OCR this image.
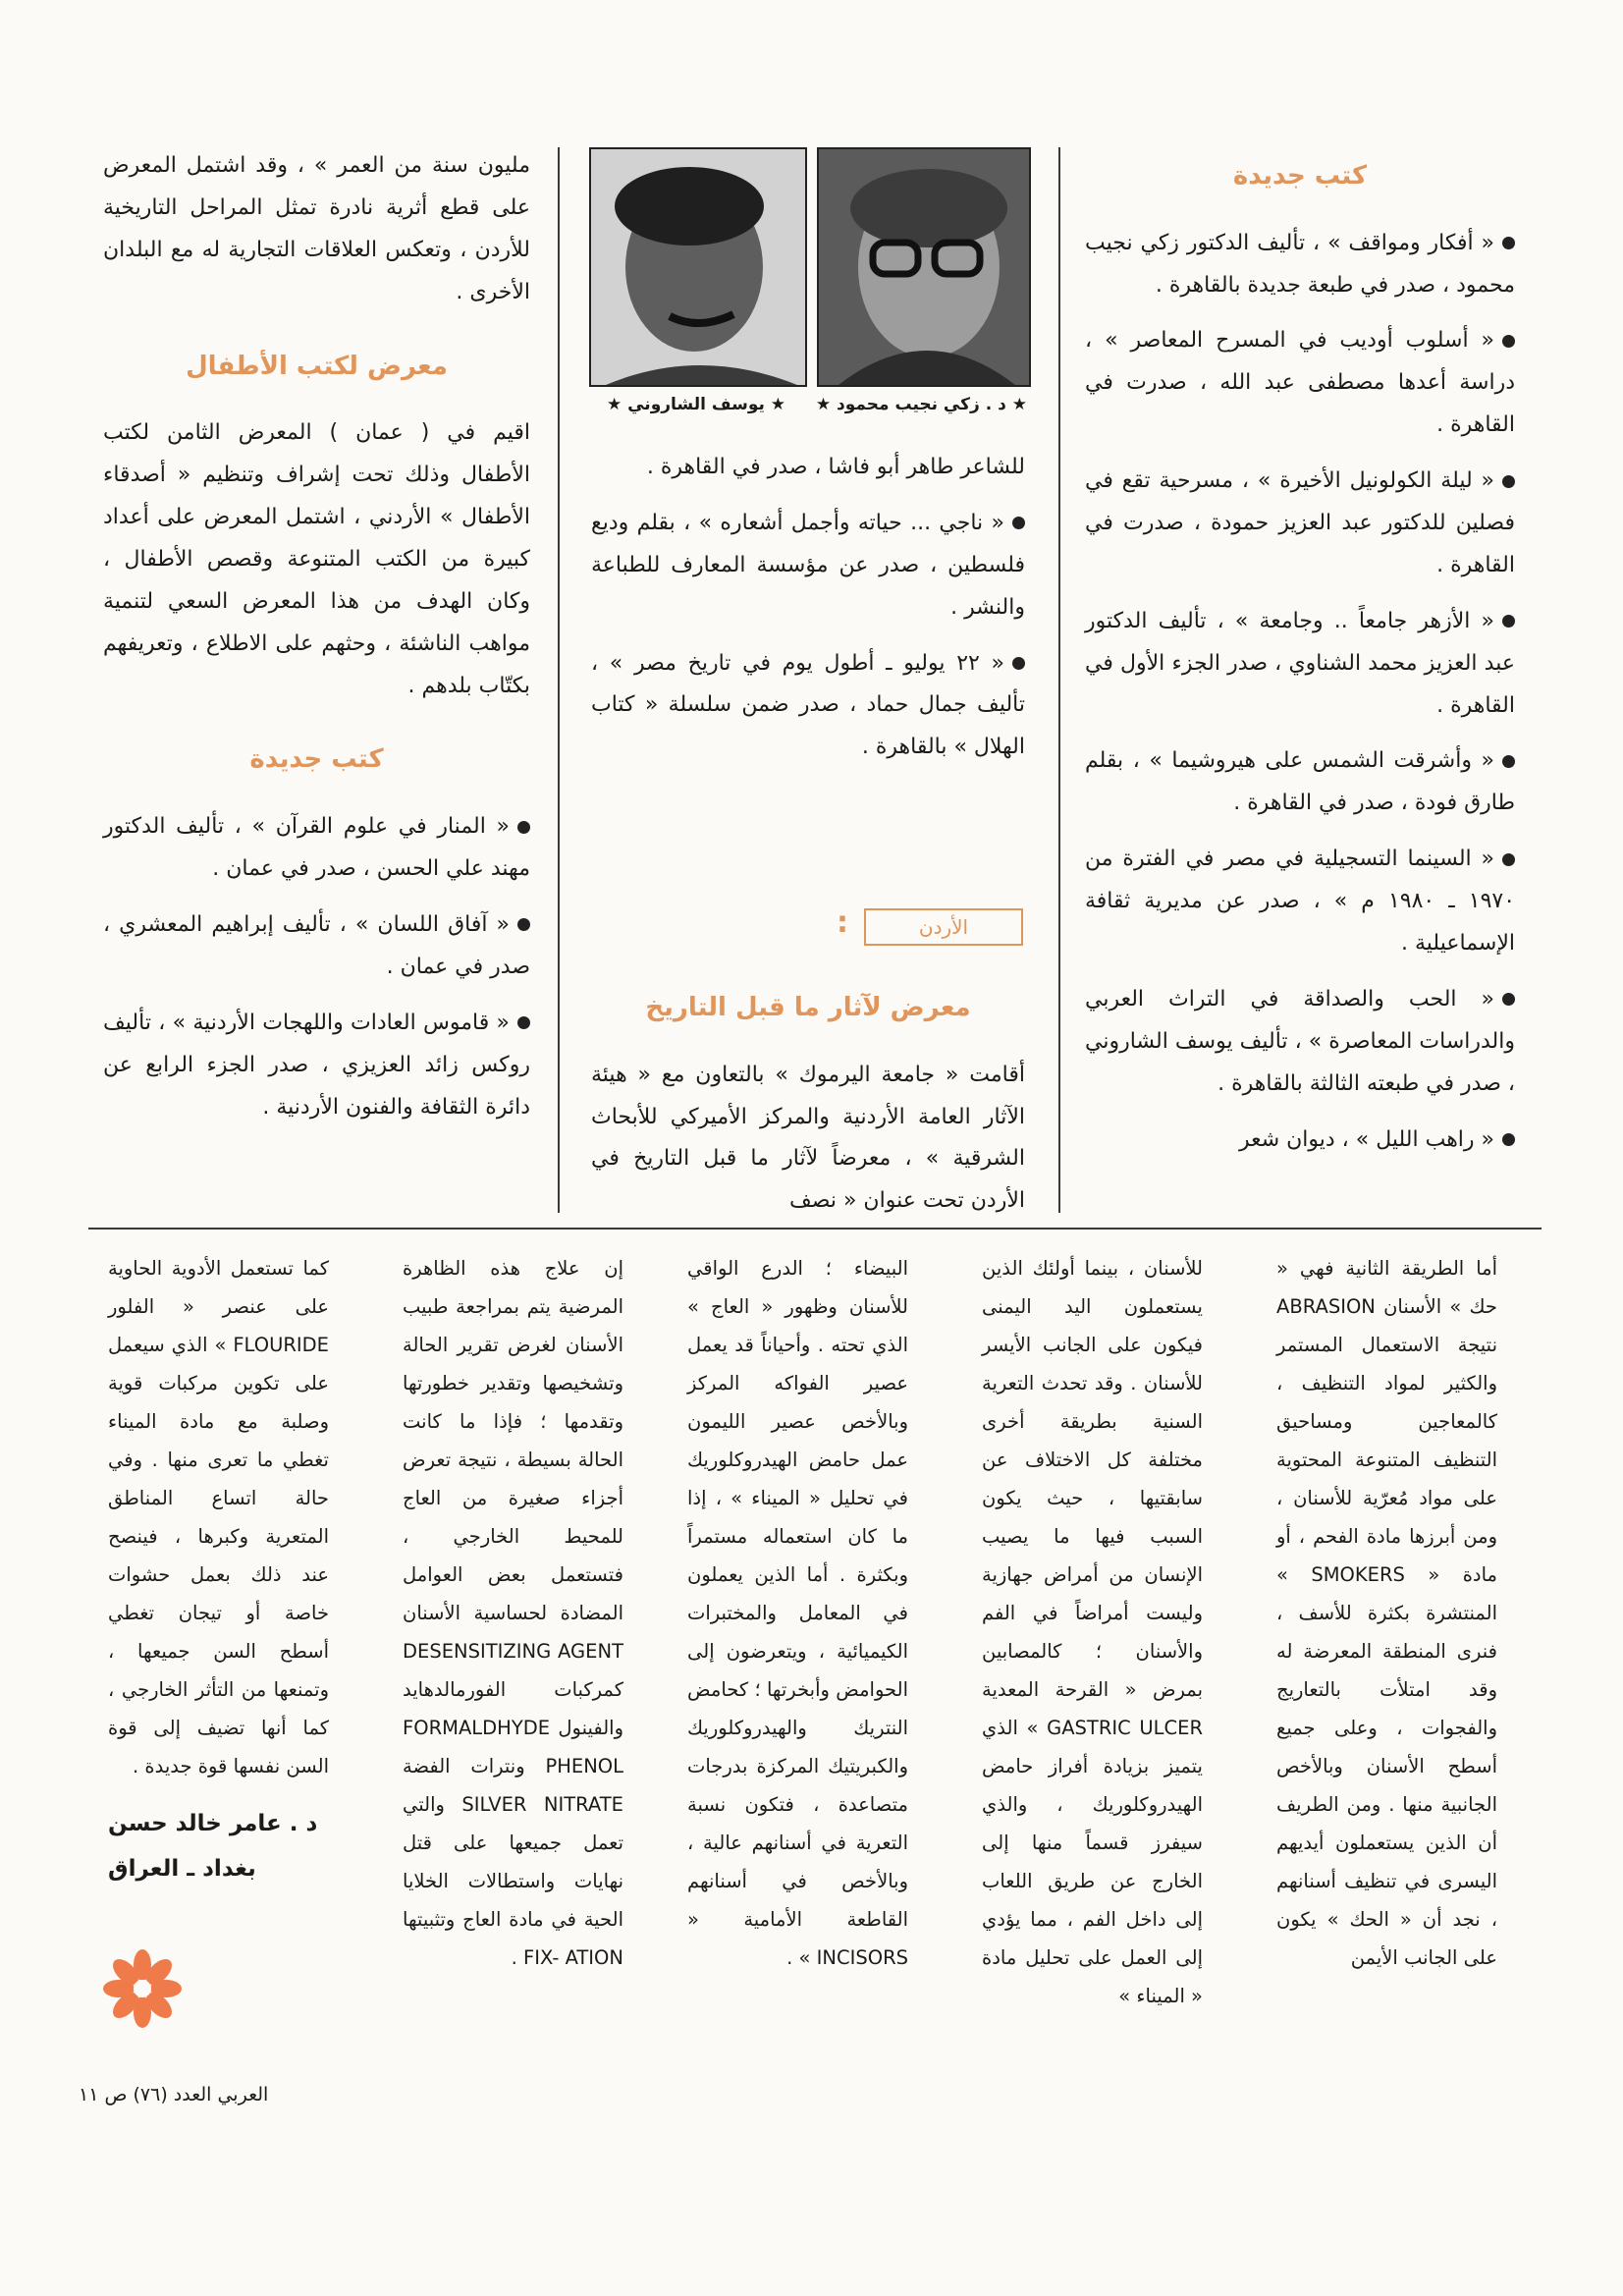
كتب جديدة

« أفكار ومواقف » ، تأليف الدكتور زكي نجيب محمود ، صدر في طبعة جديدة بالقاهرة .

« أسلوب أوديب في المسرح المعاصر » ، دراسة أعدها مصطفى عبد الله ، صدرت في القاهرة .

« ليلة الكولونيل الأخيرة » ، مسرحية تقع في فصلين للدكتور عبد العزيز حمودة ، صدرت في القاهرة .

« الأزهر جامعاً .. وجامعة » ، تأليف الدكتور عبد العزيز محمد الشناوي ، صدر الجزء الأول في القاهرة .

« وأشرقت الشمس على هيروشيما » ، بقلم طارق فودة ، صدر في القاهرة .

« السينما التسجيلية في مصر في الفترة من ١٩٧٠ ـ ١٩٨٠ م » ، صدر عن مديرية ثقافة الإسماعيلية .

« الحب والصداقة في التراث العربي والدراسات المعاصرة » ، تأليف يوسف الشاروني ، صدر في طبعته الثالثة بالقاهرة .

« راهب الليل » ، ديوان شعر

★ د . زكي نجيب محمود ★
★ يوسف الشاروني ★

للشاعر طاهر أبو فاشا ، صدر في القاهرة .

« ناجي ... حياته وأجمل أشعاره » ، بقلم وديع فلسطين ، صدر عن مؤسسة المعارف للطباعة والنشر .

« ٢٢ يوليو ـ أطول يوم في تاريخ مصر » ، تأليف جمال حماد ، صدر ضمن سلسلة « كتاب الهلال » بالقاهرة .

الأردن
:
معرض لآثار ما قبل التاريخ

أقامت « جامعة اليرموك » بالتعاون مع « هيئة الآثار العامة الأردنية والمركز الأميركي للأبحاث الشرقية » ، معرضاً لآثار ما قبل التاريخ في الأردن تحت عنوان « نصف

مليون سنة من العمر » ، وقد اشتمل المعرض على قطع أثرية نادرة تمثل المراحل التاريخية للأردن ، وتعكس العلاقات التجارية له مع البلدان الأخرى .

معرض لكتب الأطفال

اقيم في ( عمان ) المعرض الثامن لكتب الأطفال وذلك تحت إشراف وتنظيم « أصدقاء الأطفال » الأردني ، اشتمل المعرض على أعداد كبيرة من الكتب المتنوعة وقصص الأطفال ، وكان الهدف من هذا المعرض السعي لتنمية مواهب الناشئة ، وحثهم على الاطلاع ، وتعريفهم بكتّاب بلدهم .

كتب جديدة

« المنار في علوم القرآن » ، تأليف الدكتور مهند علي الحسن ، صدر في عمان .

« آفاق اللسان » ، تأليف إبراهيم المعشري ، صدر في عمان .

« قاموس العادات واللهجات الأردنية » ، تأليف روكس زائد العزيزي ، صدر الجزء الرابع عن دائرة الثقافة والفنون الأردنية .

أما الطريقة الثانية فهي « حك » الأسنان ABRASION نتيجة الاستعمال المستمر والكثير لمواد التنظيف ، كالمعاجين ومساحيق التنظيف المتنوعة المحتوية على مواد مُعرّية للأسنان ، ومن أبرزها مادة الفحم ، أو مادة « SMOKERS » المنتشرة بكثرة للأسف ، فنرى المنطقة المعرضة له وقد امتلأت بالتعاريج والفجوات ، وعلى جميع أسطح الأسنان وبالأخص الجانبية منها . ومن الطريف أن الذين يستعملون أيديهم اليسرى في تنظيف أسنانهم ، نجد أن « الحك » يكون على الجانب الأيمن

للأسنان ، بينما أولئك الذين يستعملون اليد اليمنى فيكون على الجانب الأيسر للأسنان . وقد تحدث التعرية السنية بطريقة أخرى مختلفة كل الاختلاف عن سابقتيها ، حيث يكون السبب فيها ما يصيب الإنسان من أمراض جهازية وليست أمراضاً في الفم والأسنان ؛ كالمصابين بمرض « القرحة المعدية GASTRIC ULCER » الذي يتميز بزيادة أفراز حامض الهيدروكلوريك ، والذي سيفرز قسماً منها إلى الخارج عن طريق اللعاب إلى داخل الفم ، مما يؤدي إلى العمل على تحليل مادة « الميناء »

البيضاء ؛ الدرع الواقي للأسنان وظهور « العاج » الذي تحته . وأحياناً قد يعمل عصير الفواكه المركز وبالأخص عصير الليمون عمل حامض الهيدروكلوريك في تحليل « الميناء » ، إذا ما كان استعماله مستمراً وبكثرة . أما الذين يعملون في المعامل والمختبرات الكيميائية ، ويتعرضون إلى الحوامض وأبخرتها ؛ كحامض النتريك والهيدروكلوريك والكبريتيك المركزة بدرجات متصاعدة ، فتكون نسبة التعرية في أسنانهم عالية ، وبالأخص في أسنانهم القاطعة الأمامية « INCISORS » .

إن علاج هذه الظاهرة المرضية يتم بمراجعة طبيب الأسنان لغرض تقرير الحالة وتشخيصها وتقدير خطورتها وتقدمها ؛ فإذا ما كانت الحالة بسيطة ، نتيجة تعرض أجزاء صغيرة من العاج للمحيط الخارجي ، فتستعمل بعض العوامل المضادة لحساسية الأسنان DESENSITIZING AGENT كمركبات الفورمالدهايد والفينول FORMALDHYDE PHENOL ونترات الفضة SILVER NITRATE والتي تعمل جميعها على قتل نهايات واستطالات الخلايا الحية في مادة العاج وتثبيتها FIX- ATION .

كما تستعمل الأدوية الحاوية على عنصر « الفلور FLOURIDE » الذي سيعمل على تكوين مركبات قوية وصلبة مع مادة الميناء تغطي ما تعرى منها . وفي حالة اتساع المناطق المتعرية وكبرها ، فينصح عند ذلك بعمل حشوات خاصة أو تيجان تغطي أسطح السن جميعها ، وتمنعها من التأثر الخارجي ، كما أنها تضيف إلى قوة السن نفسها قوة جديدة .

د . عامر خالد حسن
بغداد ـ العراق
العربي العدد (٧٦) ص ١١
